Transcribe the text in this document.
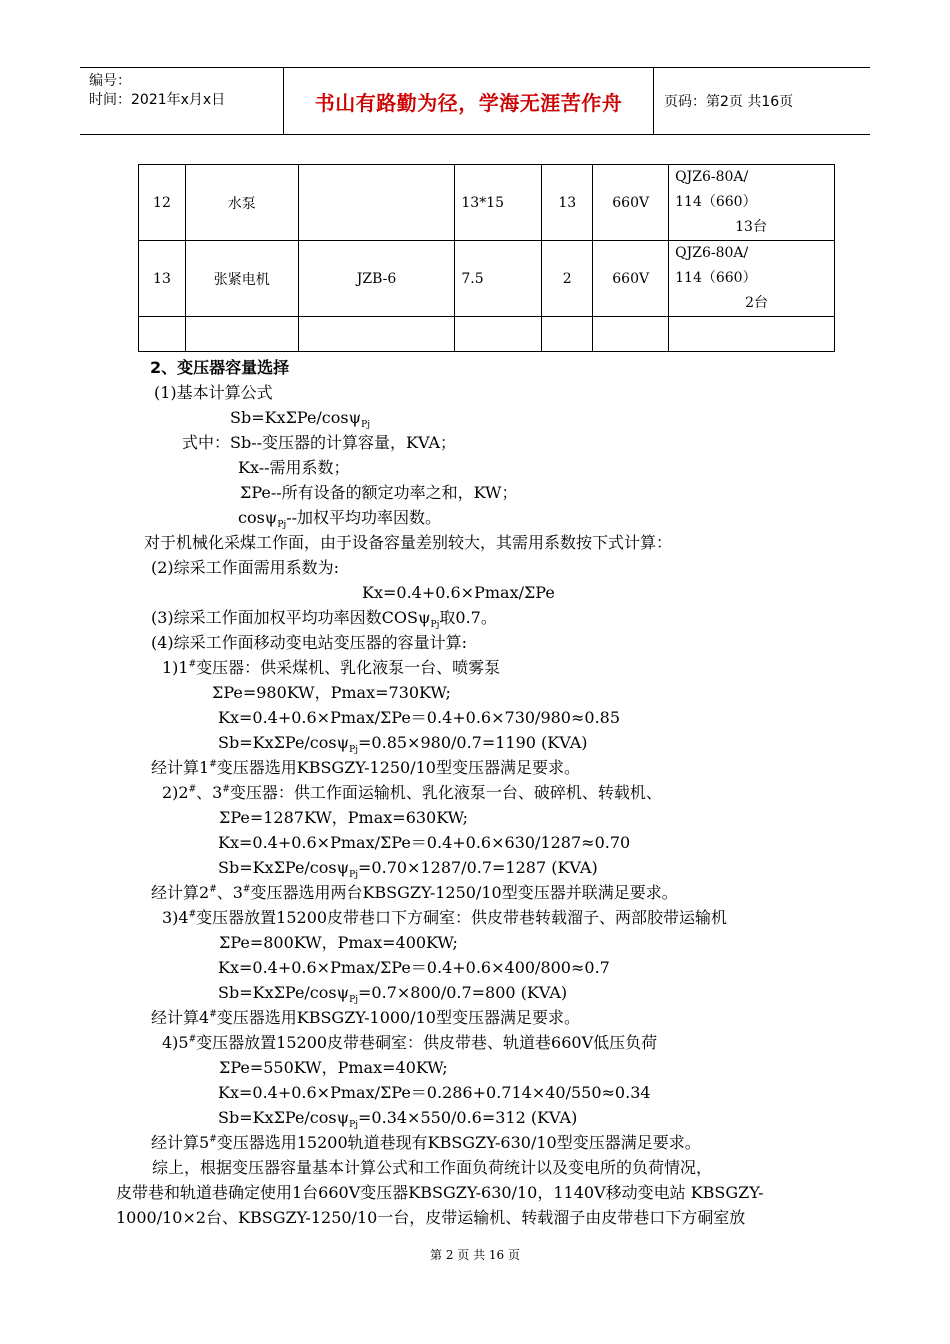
编号：
时间：2021年x月x日	书山有路勤为径，学海无涯苦作舟	页码：第2页 共16页
12	水泵		13*15	13	660V	QJZ6-80A/
114（660）
13台

13	张紧电机	JZB-6	7.5	2	660V	QJZ6-80A/
114（660）
2台

2、变压器容量选择
(1)基本计算公式
Sb=KxΣPe/cosψ$_{Pj}$
式中：Sb--变压器的计算容量，KVA；
Kx--需用系数；
ΣPe--所有设备的额定功率之和，KW；
cosψ$_{Pj}$--加权平均功率因数。
对于机械化采煤工作面，由于设备容量差别较大，其需用系数按下式计算：
(2)综采工作面需用系数为:
Kx=0.4+0.6×Pmax/ΣPe
(3)综采工作面加权平均功率因数COSψ$_{Pj}$取0.7。
(4)综采工作面移动变电站变压器的容量计算:
1)1#变压器：供采煤机、乳化液泵一台、喷雾泵
ΣPe=980KW，Pmax=730KW;
Kx=0.4+0.6×Pmax/ΣPe＝0.4+0.6×730/980≈0.85
Sb=KxΣPe/cosψ$_{Pj}$=0.85×980/0.7=1190 (KVA)
经计算1#变压器选用KBSGZY-1250/10型变压器满足要求。
2)2#、3#变压器：供工作面运输机、乳化液泵一台、破碎机、转载机、
ΣPe=1287KW，Pmax=630KW;
Kx=0.4+0.6×Pmax/ΣPe＝0.4+0.6×630/1287≈0.70
Sb=KxΣPe/cosψ$_{Pj}$=0.70×1287/0.7=1287 (KVA)
经计算2#、3#变压器选用两台KBSGZY-1250/10型变压器并联满足要求。
3)4#变压器放置15200皮带巷口下方硐室：供皮带巷转载溜子、两部胶带运输机
ΣPe=800KW，Pmax=400KW;
Kx=0.4+0.6×Pmax/ΣPe＝0.4+0.6×400/800≈0.7
Sb=KxΣPe/cosψ$_{Pj}$=0.7×800/0.7=800 (KVA)
经计算4#变压器选用KBSGZY-1000/10型变压器满足要求。
4)5#变压器放置15200皮带巷硐室：供皮带巷、轨道巷660V低压负荷
ΣPe=550KW，Pmax=40KW;
Kx=0.4+0.6×Pmax/ΣPe＝0.286+0.714×40/550≈0.34
Sb=KxΣPe/cosψ$_{Pj}$=0.34×550/0.6=312 (KVA)
经计算5#变压器选用15200轨道巷现有KBSGZY-630/10型变压器满足要求。
综上，根据变压器容量基本计算公式和工作面负荷统计以及变电所的负荷情况，
皮带巷和轨道巷确定使用1台660V变压器KBSGZY-630/10，1140V移动变电站 KBSGZY-
1000/10×2台、KBSGZY-1250/10一台，皮带运输机、转载溜子由皮带巷口下方硐室放
第 2 页 共 16 页
